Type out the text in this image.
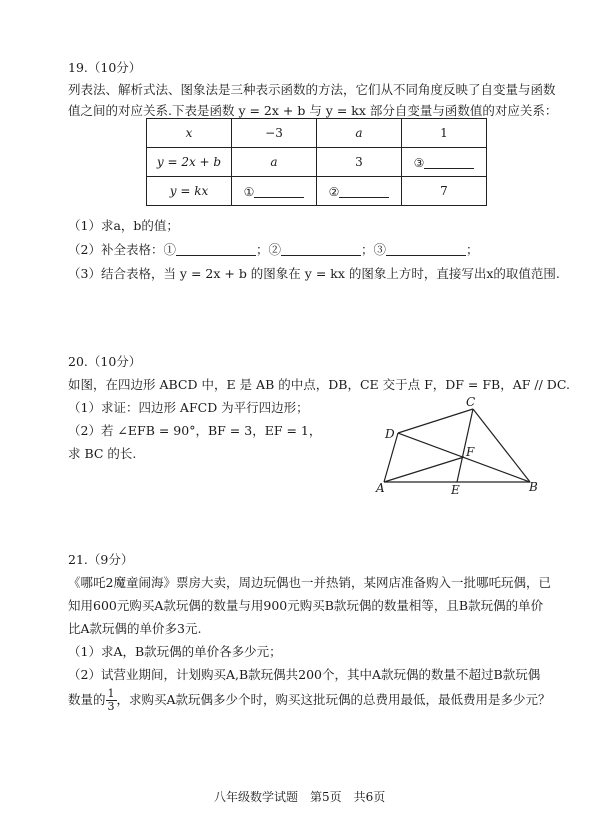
19.（10分）
列表法、解析式法、图象法是三种表示函数的方法，它们从不同角度反映了自变量与函数
值之间的对应关系.下表是函数 y = 2x + b 与 y = kx 部分自变量与函数值的对应关系：
x	−3	a	1
y = 2x + b	a	3	③
y = kx	①	②	7
（1）求a，b的值；
（2）补全表格：①	；②	；③	；
（3）结合表格，当 y = 2x + b 的图象在 y = kx 的图象上方时，直接写出x的取值范围.
20.（10分）
如图，在四边形 ABCD 中，E 是 AB 的中点，DB，CE 交于点 F，DF = FB，AF // DC.
（1）求证：四边形 AFCD 为平行四边形；
（2）若 ∠EFB = 90°，BF = 3，EF = 1，
求 BC 的长.
C
D
F
A	E	B
21.（9分）
《哪吒2魔童闹海》票房大卖，周边玩偶也一并热销，某网店准备购入一批哪吒玩偶，已
知用600元购买A款玩偶的数量与用900元购买B款玩偶的数量相等，且B款玩偶的单价
比A款玩偶的单价多3元.
（1）求A，B款玩偶的单价各多少元；
（2）试营业期间，计划购买A,B款玩偶共200个，其中A款玩偶的数量不超过B款玩偶
数量的 $\frac{1}{3}$ ，求购买A款玩偶多少个时，购买这批玩偶的总费用最低，最低费用是多少元？
八年级数学试题　第5页　共6页
